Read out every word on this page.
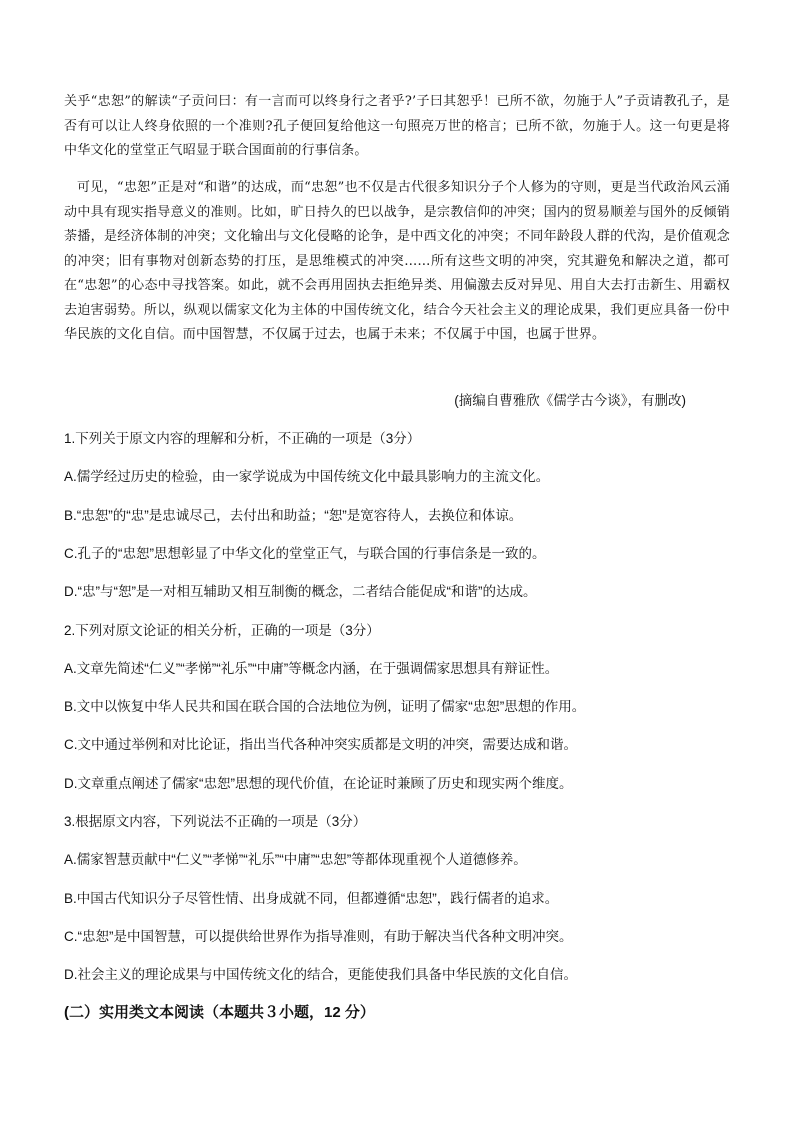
关乎“忠恕”的解读“子贡问曰：有一言而可以终身行之者乎?’子曰其恕乎！已所不欲，勿施于人”子贡请教孔子，是否有可以让人终身依照的一个准则?孔子便回复给他这一句照亮万世的格言；已所不欲，勿施于人。这一句更是将中华文化的堂堂正气昭显于联合国面前的行事信条。

可见，“忠恕”正是对“和谐”的达成，而“忠恕”也不仅是古代很多知识分子个人修为的守则，更是当代政治风云涌动中具有现实指导意义的准则。比如，旷日持久的巴以战争，是宗教信仰的冲突；国内的贸易顺差与国外的反倾销荼播，是经济体制的冲突；文化输出与文化侵略的论争，是中西文化的冲突；不同年龄段人群的代沟，是价值观念的冲突；旧有事物对创新态势的打压，是思维模式的冲突……所有这些文明的冲突，究其避免和解决之道，都可在“忠恕”的心态中寻找答案。如此，就不会再用固执去拒绝异类、用偏激去反对异见、用自大去打击新生、用霸权去迫害弱势。所以，纵观以儒家文化为主体的中国传统文化，结合今天社会主义的理论成果，我们更应具备一份中华民族的文化自信。而中国智慧，不仅属于过去，也属于未来；不仅属于中国，也属于世界。

(摘编自曹雅欣《儒学古今谈》，有删改)

1.下列关于原文内容的理解和分析，不正确的一项是（3分）

A.儒学经过历史的检验，由一家学说成为中国传统文化中最具影响力的主流文化。

B.“忠恕”的“忠”是忠诚尽己，去付出和助益；“恕”是宽容待人，去换位和体谅。

C.孔子的“忠恕”思想彰显了中华文化的堂堂正气，与联合国的行事信条是一致的。

D.“忠”与“恕”是一对相互辅助又相互制衡的概念，二者结合能促成“和谐”的达成。

2.下列对原文论证的相关分析，正确的一项是（3分）

A.文章先简述“仁义”“孝悌”“礼乐”“中庸”等概念内涵，在于强调儒家思想具有辩证性。

B.文中以恢复中华人民共和国在联合国的合法地位为例，证明了儒家“忠恕”思想的作用。

C.文中通过举例和对比论证，指出当代各种冲突实质都是文明的冲突，需要达成和谐。

D.文章重点阐述了儒家“忠恕”思想的现代价值，在论证时兼顾了历史和现实两个维度。

3.根据原文内容，下列说法不正确的一项是（3分）

A.儒家智慧贡献中“仁义”“孝悌”“礼乐”“中庸”“忠恕”等都体现重视个人道德修养。

B.中国古代知识分子尽管性情、出身成就不同，但都遵循“忠恕”，践行儒者的追求。

C.“忠恕”是中国智慧，可以提供给世界作为指导准则，有助于解决当代各种文明冲突。

D.社会主义的理论成果与中国传统文化的结合，更能使我们具备中华民族的文化自信。

(二）实用类文本阅读（本题共３小题，12 分）
